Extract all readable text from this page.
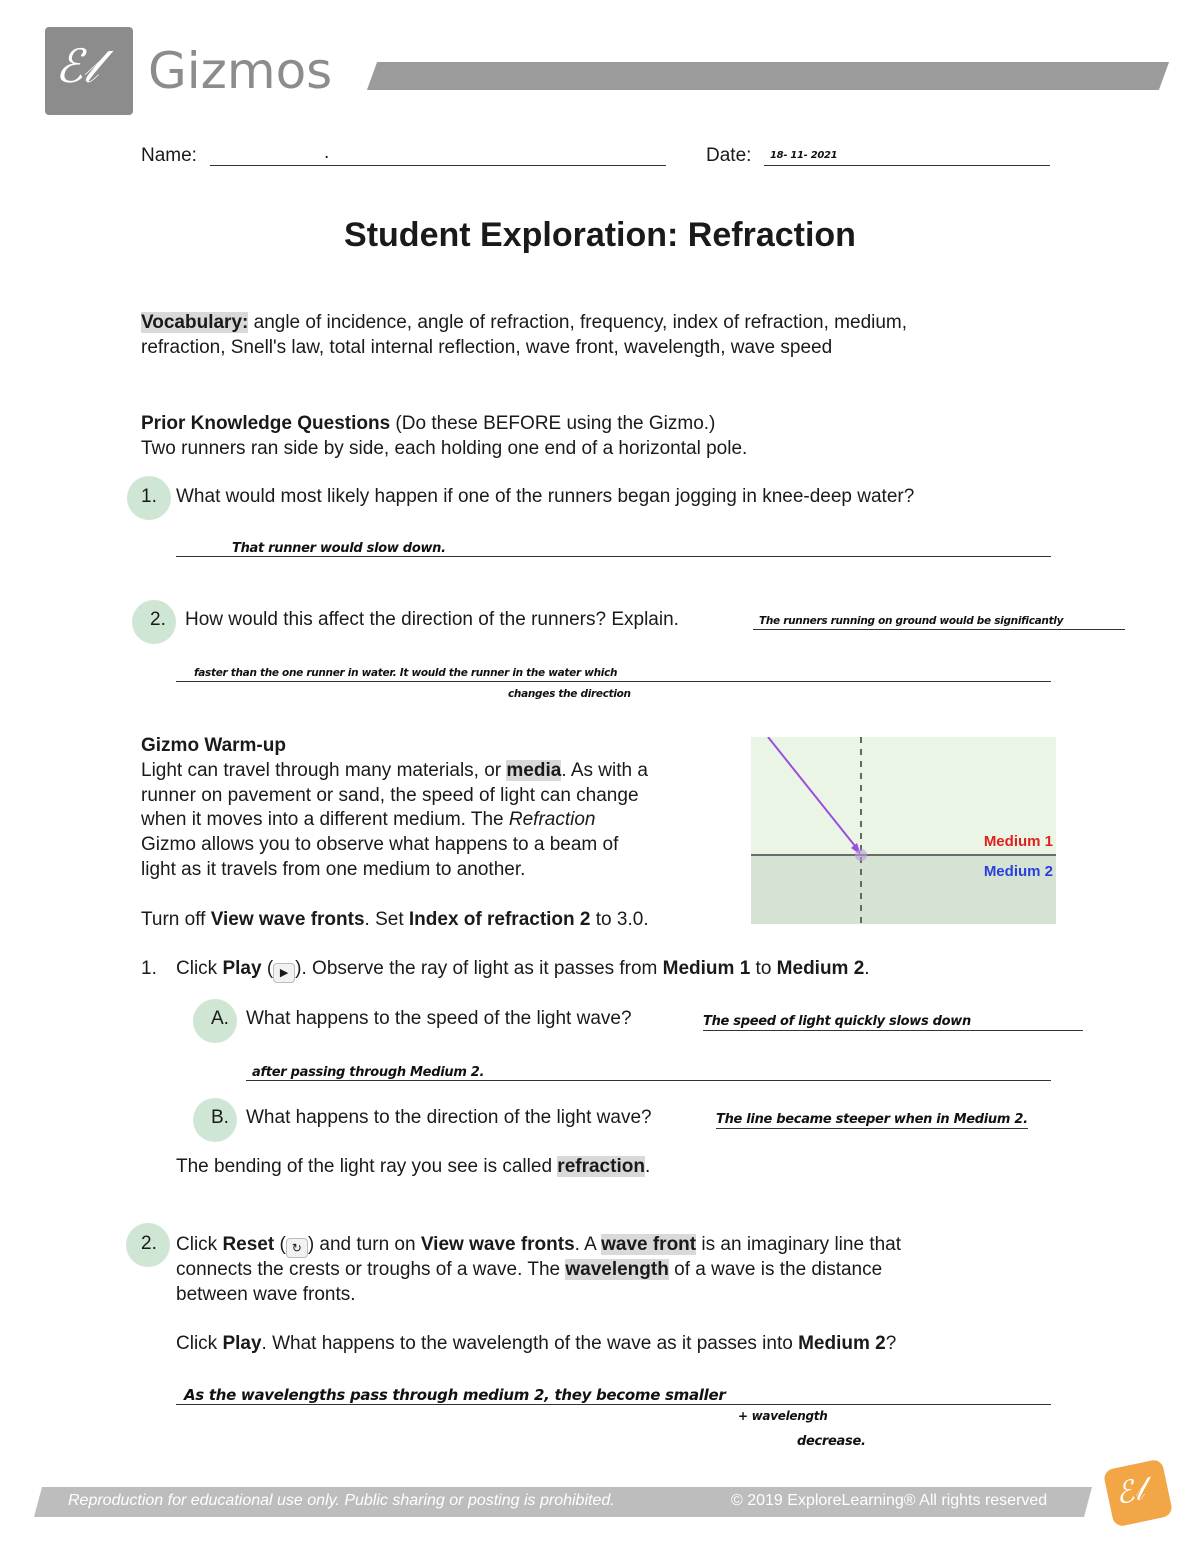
ℰ𝓁 Gizmos
Name:	.	Date: 18- 11- 2021
Student Exploration: Refraction
Vocabulary: angle of incidence, angle of refraction, frequency, index of refraction, medium,
refraction, Snell's law, total internal reflection, wave front, wavelength, wave speed
Prior Knowledge Questions (Do these BEFORE using the Gizmo.)
Two runners ran side by side, each holding one end of a horizontal pole.
1. What would most likely happen if one of the runners began jogging in knee-deep water?
That runner would slow down.
2. How would this affect the direction of the runners? Explain.	The runners running on ground would be significantly
faster than the one runner in water. It would the runner in the water which
changes the direction
Gizmo Warm-up
Light can travel through many materials, or media. As with a
runner on pavement or sand, the speed of light can change
when it moves into a different medium. The Refraction
Gizmo allows you to observe what happens to a beam of
light as it travels from one medium to another.

Turn off View wave fronts. Set Index of refraction 2 to 3.0.
Medium 1
Medium 2
1. Click Play ( ▶ ). Observe the ray of light as it passes from Medium 1 to Medium 2.
A. What happens to the speed of the light wave?	The speed of light quickly slows down
after passing through Medium 2.
B. What happens to the direction of the light wave?	The line became steeper when in Medium 2.
The bending of the light ray you see is called refraction.
2. Click Reset ( ↻ ) and turn on View wave fronts. A wave front is an imaginary line that
connects the crests or troughs of a wave. The wavelength of a wave is the distance
between wave fronts.

Click Play. What happens to the wavelength of the wave as it passes into Medium 2?
As the wavelengths pass through medium 2, they become smaller
+ wavelength
decrease.
Reproduction for educational use only. Public sharing or posting is prohibited.	© 2019 ExploreLearning® All rights reserved ℰ𝓁
